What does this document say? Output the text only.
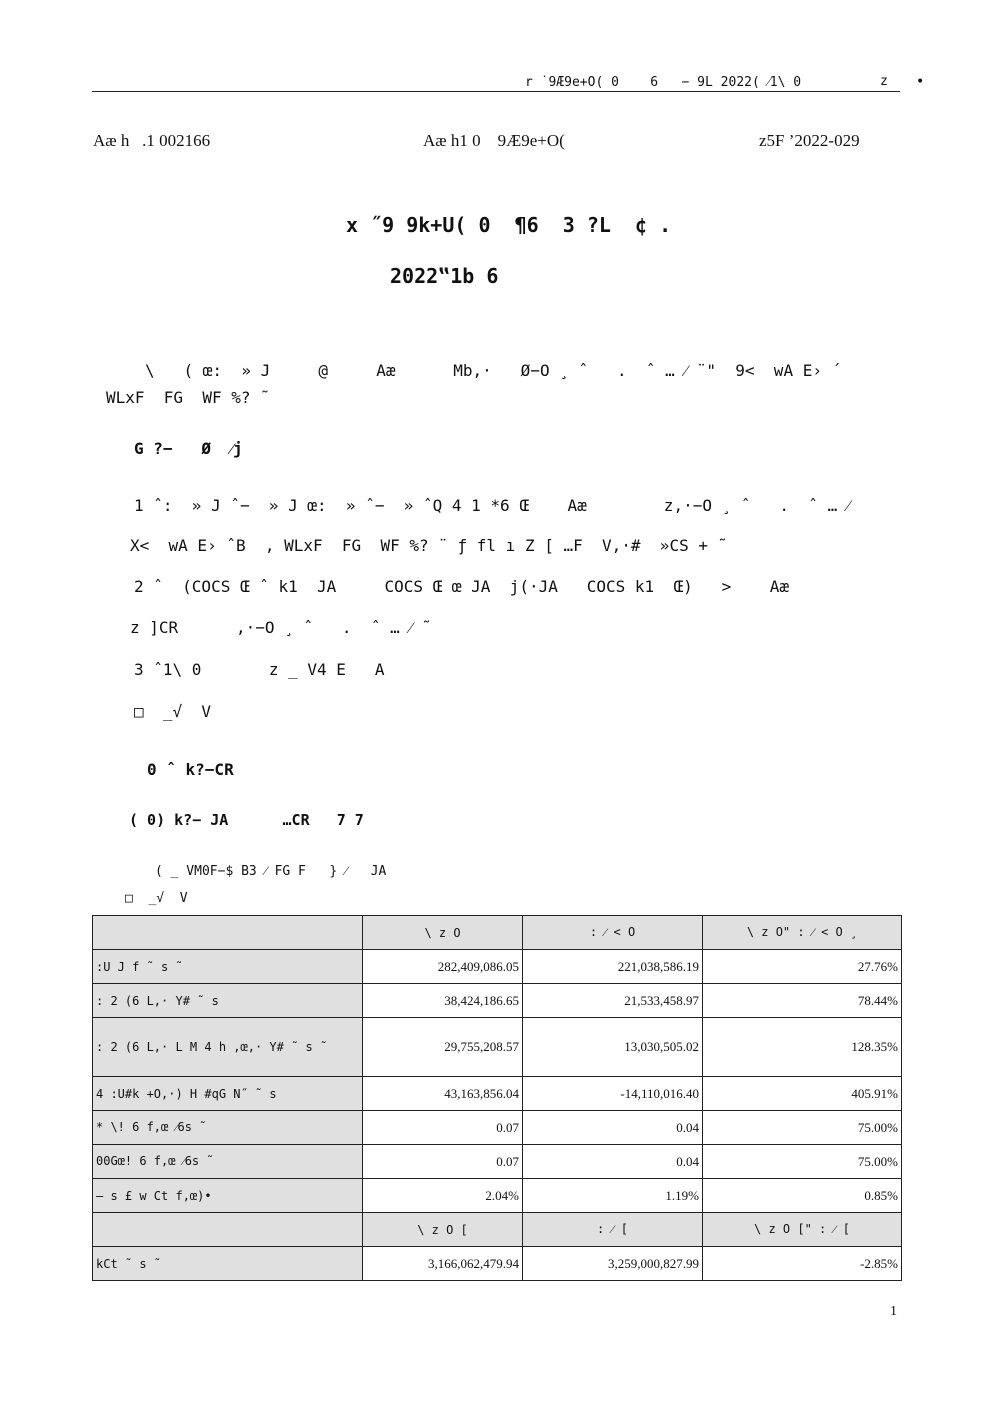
r ˙9Æ9e+O( 0    6   − 9L 2022( ⁄1\ 0	z •
Aæ h   .1 002166	Aæ h1 0    9Æ9e+O(	z5F ’2022-029
x ˝9 9k+U( 0  ¶6  3 ?L  ¢ .
2022‟1b 6
\   ( œ:  » J     @     Aæ      Mb,·   Ø−O ¸ ˆ   .  ˆ … ⁄ ¨"  9<  wA E› ´
WLxF  FG  WF %? ˜
G ?−   Ø  ⁄j
1 ˆ:  » J ˆ−  » J œ:  » ˆ−  » ˆQ 4 1 *6 Œ    Aæ        z,·−O ¸ ˆ   .  ˆ … ⁄
X<  wA E› ˆB  , WLxF  FG  WF %? ¨ ƒ fl ı Z [ …F  V,·#  »CS + ˜
2 ˆ  (COCS Œ ˆ k1  JA     COCS Œ œ JA  j(·JA   COCS k1  Œ)   >    Aæ
z ]CR      ,·−O ¸ ˆ   .  ˆ … ⁄ ˜
3 ˆ1\ 0       z _ V4 E   A
□  _√  V
0 ˆ k?−CR
( 0) k?− JA      …CR   7 7
( _ VM0F−$ B3 ⁄ FG F   } ⁄   JA
□  _√  V
	\ z O	: ⁄ < O	\ z O" : ⁄ < O ¸
:U J f ˜ s ˜	282,409,086.05	221,038,586.19	27.76%
: 2 (6 L,· Y# ˜ s	38,424,186.65	21,533,458.97	78.44%
: 2 (6 L,· L M 4 h ,œ,· Y# ˜ s ˜	29,755,208.57	13,030,505.02	128.35%
4 :U#k +O,·) H #qG N˝ ˜ s	43,163,856.04	-14,110,016.40	405.91%
* \! 6 f,œ ⁄6s ˜	0.07	0.04	75.00%
00Gœ! 6 f,œ ⁄6s ˜	0.07	0.04	75.00%
— s £ w Ct f,œ)•	2.04%	1.19%	0.85%
	\ z O [	: ⁄ [	\ z O [" : ⁄ [
kCt ˜ s ˜	3,166,062,479.94	3,259,000,827.99	-2.85%
1
